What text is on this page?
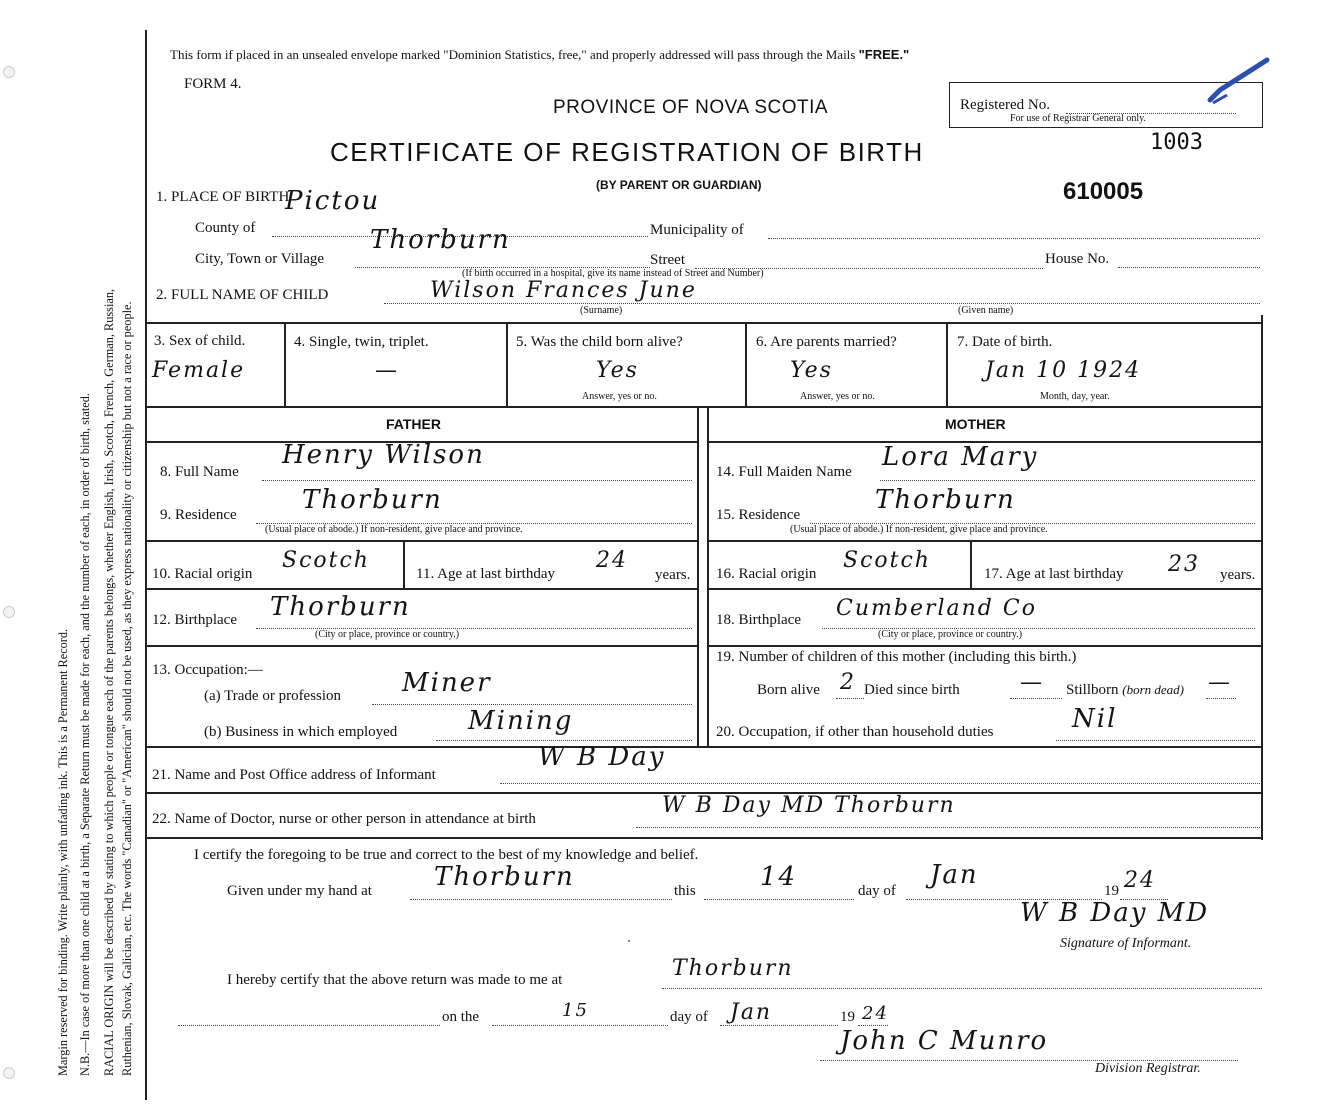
Margin reserved for binding. Write plainly, with unfading ink. This is a Permanent Record. N.B.—In case of more than one child at a birth, a Separate Return must be made for each, and the number of each, in order of birth, stated. RACIAL ORIGIN will be described by stating to which people or tongue each of the parents belongs, whether English, Irish, Scotch, French, German, Russian, Ruthenian, Slovak, Galician, etc. The words "Canadian" or "American" should not be used, as they express nationality or citizenship but not a race or people.
This form if placed in an unsealed envelope marked "Dominion Statistics, free," and properly addressed will pass through the Mails "FREE."
FORM 4.
PROVINCE OF NOVA SCOTIA
CERTIFICATE OF REGISTRATION OF BIRTH
(BY PARENT OR GUARDIAN)
Registered No.
For use of Registrar General only.
1003
610005
1. PLACE OF BIRTH
County of
Pictou
Municipality of
City, Town or Village
Thorburn
Street	House No.
(If birth occurred in a hospital, give its name instead of Street and Number)
2. FULL NAME OF CHILD	Wilson Frances June
(Surname)	(Given name)
3. Sex of child.
Female
4. Single, twin, triplet.
—
5. Was the child born alive?
Yes
Answer, yes or no.
6. Are parents married?
Yes
Answer, yes or no.
7. Date of birth.
Jan 10 1924
Month, day, year.
FATHER	MOTHER
8. Full Name
Henry Wilson
9. Residence	Thorburn
(Usual place of abode.) If non-resident, give place and province.
10. Racial origin
Scotch
11. Age at last birthday
24
years.
12. Birthplace Thorburn
(City or place, province or country.)
13. Occupation:—
(a) Trade or profession Miner
(b) Business in which employed	Mining
14. Full Maiden Name Lora Mary
15. Residence	Thorburn
(Usual place of abode.) If non-resident, give place and province.
16. Racial origin
Scotch
17. Age at last birthday 23 years.
18. Birthplace Cumberland Co
(City or place, province or country.)
19. Number of children of this mother (including this birth.)
Born alive 2 Died since birth	— Stillborn (born dead) —
20. Occupation, if other than household duties	Nil
21. Name and Post Office address of Informant
W B Day
22. Name of Doctor, nurse or other person in attendance at birth
W B Day MD Thorburn
I certify the foregoing to be true and correct to the best of my knowledge and belief.
Given under my hand at Thorburn	this 14	day of
Jan
19 24
W B Day MD
Signature of Informant.
I hereby certify that the above return was made to me at	Thorburn
on the	15	day of Jan	19 24
John C Munro
Division Registrar.
